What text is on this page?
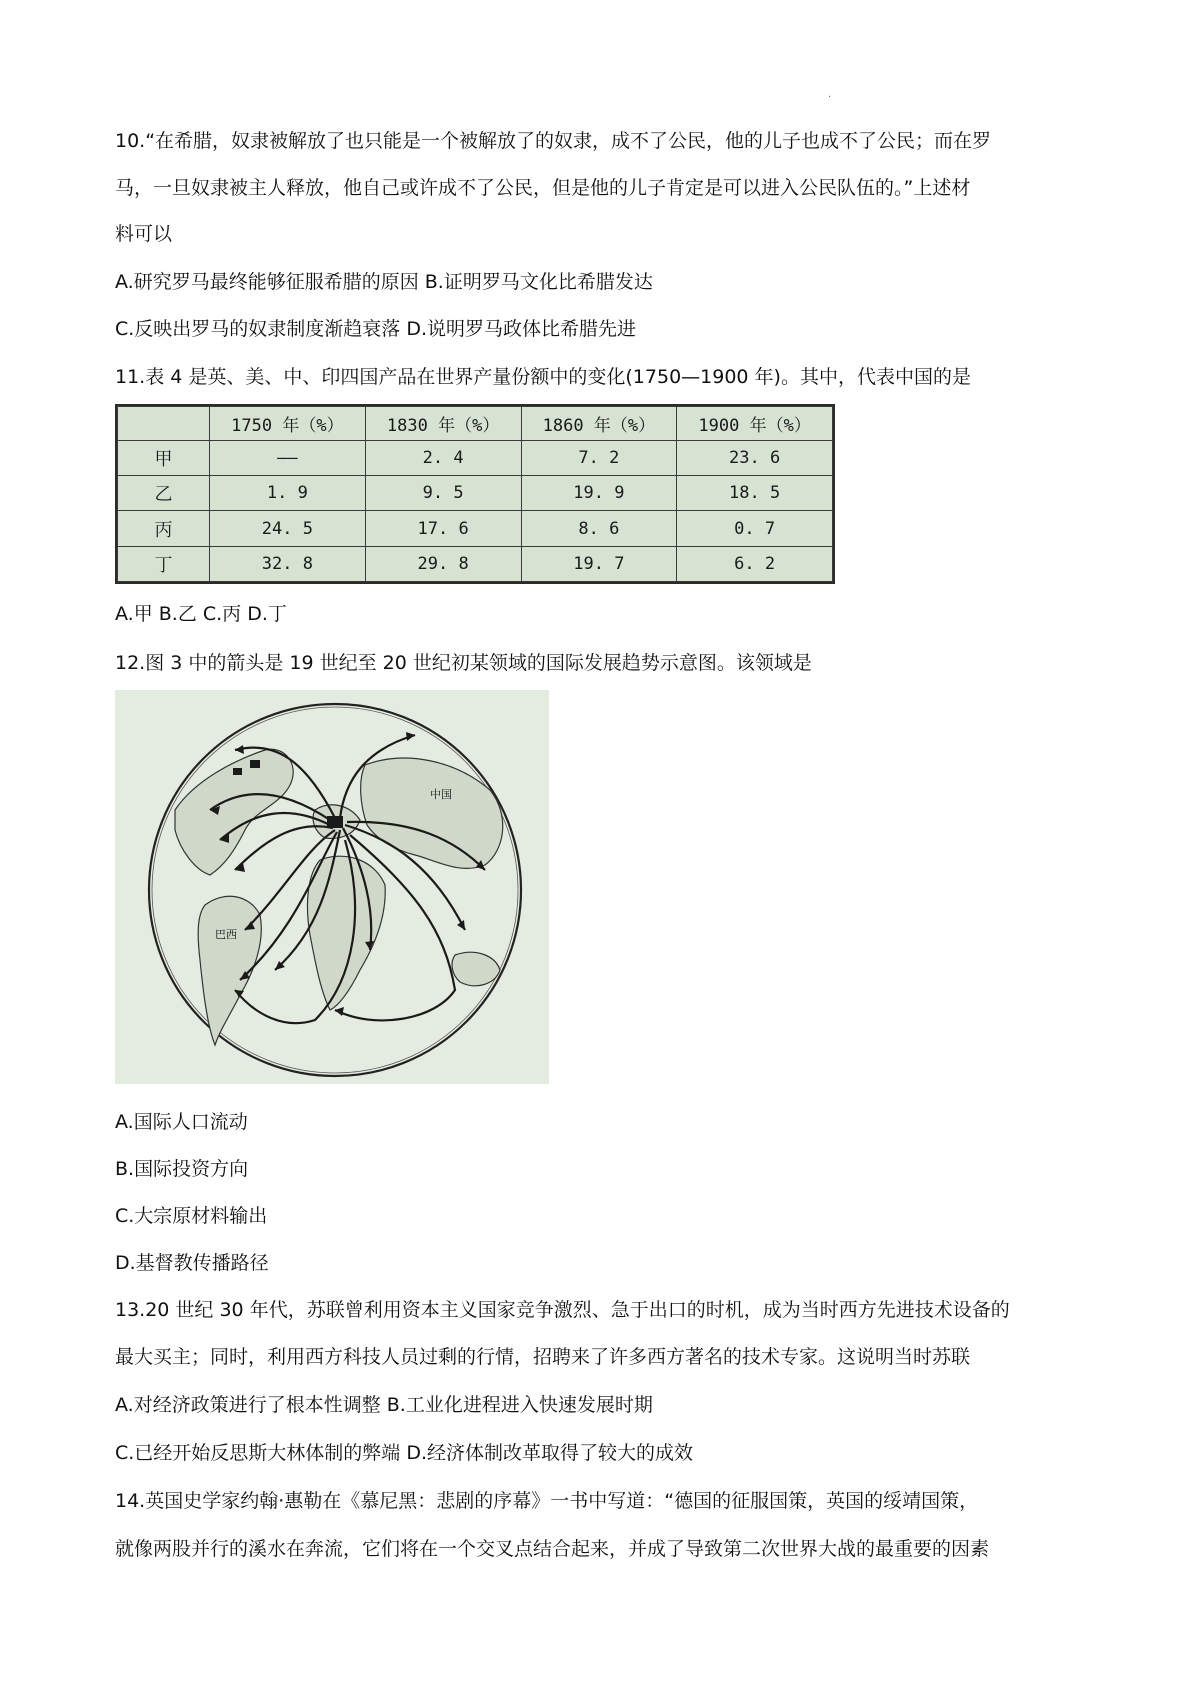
·
10.“在希腊，奴隶被解放了也只能是一个被解放了的奴隶，成不了公民，他的儿子也成不了公民；而在罗
马，一旦奴隶被主人释放，他自己或许成不了公民，但是他的儿子肯定是可以进入公民队伍的。”上述材
料可以
A.研究罗马最终能够征服希腊的原因 B.证明罗马文化比希腊发达
C.反映出罗马的奴隶制度渐趋衰落 D.说明罗马政体比希腊先进
11.表 4 是英、美、中、印四国产品在世界产量份额中的变化(1750—1900 年)。其中，代表中国的是
	1750 年（%）	1830 年（%）	1860 年（%）	1900 年（%）
甲	——	2. 4	7. 2	23. 6
乙	1. 9	9. 5	19. 9	18. 5
丙	24. 5	17. 6	8. 6	0. 7
丁	32. 8	29. 8	19. 7	6. 2
A.甲 B.乙 C.丙 D.丁
12.图 3 中的箭头是 19 世纪至 20 世纪初某领域的国际发展趋势示意图。该领域是
中国
巴西
A.国际人口流动
B.国际投资方向
C.大宗原材料输出
D.基督教传播路径
13.20 世纪 30 年代，苏联曾利用资本主义国家竞争激烈、急于出口的时机，成为当时西方先进技术设备的
最大买主；同时，利用西方科技人员过剩的行情，招聘来了许多西方著名的技术专家。这说明当时苏联
A.对经济政策进行了根本性调整 B.工业化进程进入快速发展时期
C.已经开始反思斯大林体制的弊端 D.经济体制改革取得了较大的成效
14.英国史学家约翰·惠勒在《慕尼黑：悲剧的序幕》一书中写道：“德国的征服国策，英国的绥靖国策，
就像两股并行的溪水在奔流，它们将在一个交叉点结合起来，并成了导致第二次世界大战的最重要的因素
